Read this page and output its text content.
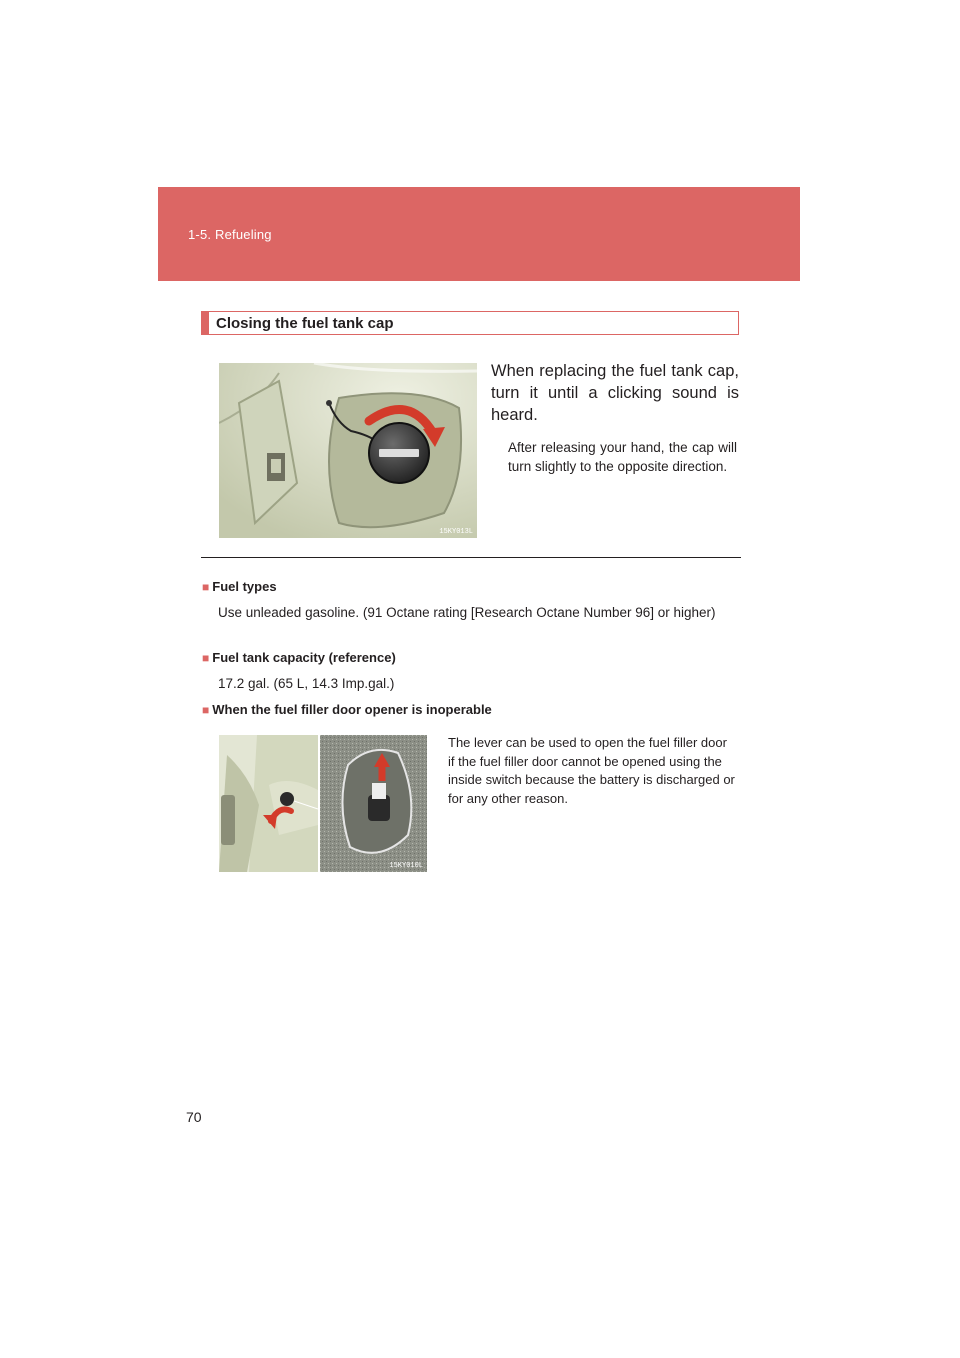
1-5. Refueling
Closing the fuel tank cap
15KY013L

When replacing the fuel tank cap, turn it until a clicking sound is heard.

After releasing your hand, the cap will turn slightly to the opposite direction.

■ Fuel types

Use unleaded gasoline. (91 Octane rating [Research Octane Number 96] or higher)

■ Fuel tank capacity (reference)

17.2 gal. (65 L, 14.3 Imp.gal.)

■ When the fuel filler door opener is inoperable

15KY010L

The lever can be used to open the fuel filler door if the fuel filler door cannot be opened using the inside switch because the battery is discharged or for any other reason.

70
